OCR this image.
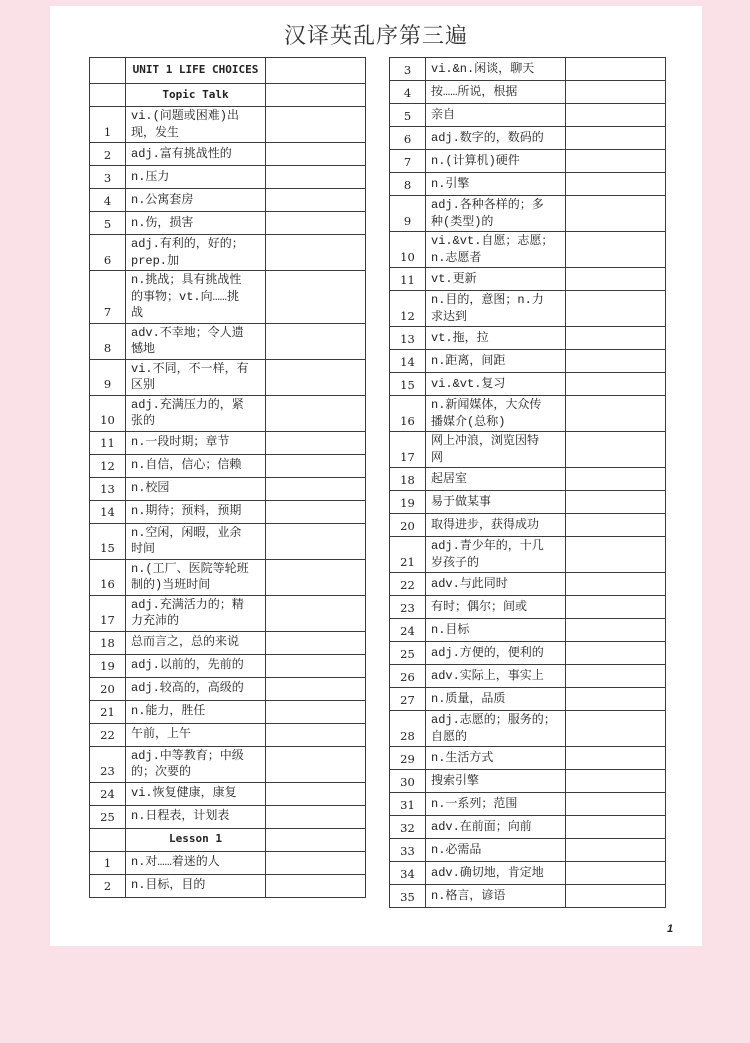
汉译英乱序第三遍
	UNIT 1 LIFE CHOICES	
	Topic Talk	
1	vi.(问题或困难)出
现，发生	
2	adj.富有挑战性的	
3	n.压力	
4	n.公寓套房	
5	n.伤，损害	
6	adj.有利的，好的；
prep.加	
7	n.挑战；具有挑战性
的事物；vt.向……挑
战	
8	adv.不幸地；令人遗
憾地	
9	vi.不同，不一样，有
区别	
10	adj.充满压力的，紧
张的	
11	n.一段时期；章节	
12	n.自信，信心；信赖	
13	n.校园	
14	n.期待；预料，预期	
15	n.空闲，闲暇，业余
时间	
16	n.(工厂、医院等轮班
制的)当班时间	
17	adj.充满活力的；精
力充沛的	
18	总而言之，总的来说	
19	adj.以前的，先前的	
20	adj.较高的，高级的	
21	n.能力，胜任	
22	午前，上午	
23	adj.中等教育；中级
的；次要的	
24	vi.恢复健康，康复	
25	n.日程表，计划表	
	Lesson 1	
1	n.对……着迷的人	
2	n.目标，目的	
3	vi.&n.闲谈，聊天	
4	按……所说，根据	
5	亲自	
6	adj.数字的，数码的	
7	n.(计算机)硬件	
8	n.引擎	
9	adj.各种各样的；多
种(类型)的	
10	vi.&vt.自愿；志愿；
n.志愿者	
11	vt.更新	
12	n.目的，意图；n.力
求达到	
13	vt.拖，拉	
14	n.距离，间距	
15	vi.&vt.复习	
16	n.新闻媒体，大众传
播媒介(总称)	
17	网上冲浪，浏览因特
网	
18	起居室	
19	易于做某事	
20	取得进步，获得成功	
21	adj.青少年的，十几
岁孩子的	
22	adv.与此同时	
23	有时；偶尔；间或	
24	n.目标	
25	adj.方便的，便利的	
26	adv.实际上，事实上	
27	n.质量，品质	
28	adj.志愿的；服务的；
自愿的	
29	n.生活方式	
30	搜索引擎	
31	n.一系列；范围	
32	adv.在前面；向前	
33	n.必需品	
34	adv.确切地，肯定地	
35	n.格言，谚语	
1
